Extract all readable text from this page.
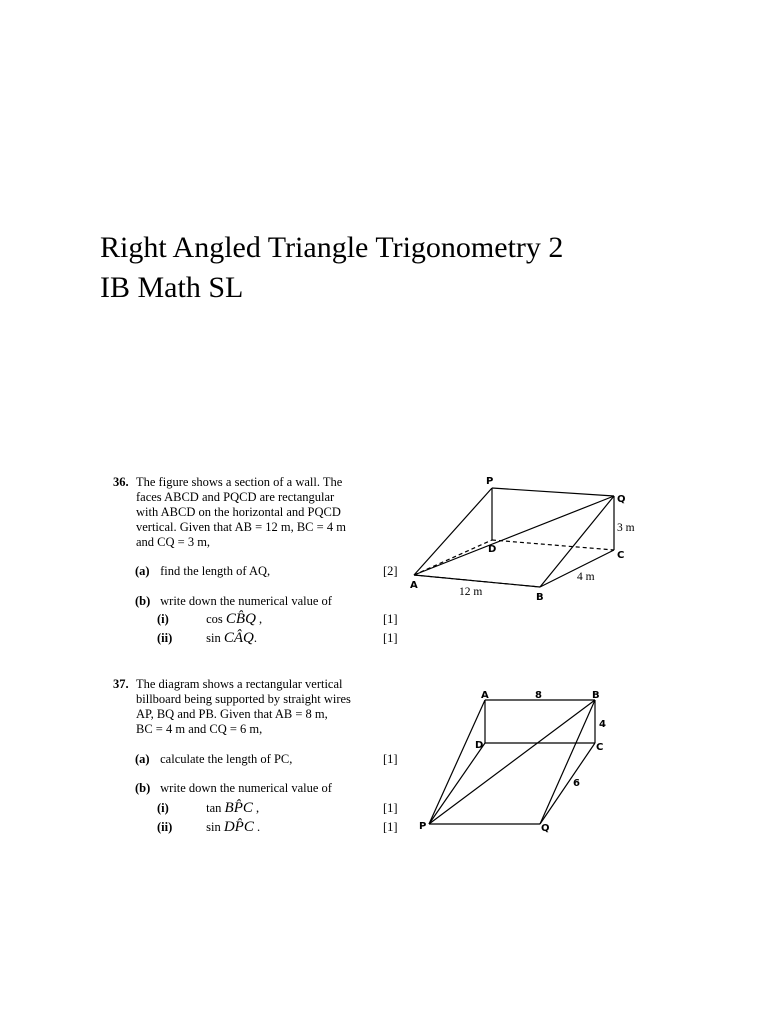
Right Angled Triangle Trigonometry 2
IB Math SL
36. The figure shows a section of a wall. The
faces ABCD and PQCD are rectangular
with ABCD on the horizontal and PQCD
vertical. Given that AB = 12 m, BC = 4 m
and CQ = 3 m,
(a) find the length of AQ,	[2]
(b) write down the numerical value of
(i)	cos CB̂Q ,	[1]
(ii)	sin CÂQ.	[1]
P
Q
D
C
A
B
12 m
4 m
3 m
37. The diagram shows a rectangular vertical
billboard being supported by straight wires
AP, BQ and PB. Given that AB = 8 m,
BC = 4 m and CQ = 6 m,
(a) calculate the length of PC,	[1]
(b) write down the numerical value of
(i)	tan BP̂C ,	[1]
(ii)	sin DP̂C .	[1]
A	B
D	C
P	Q
8
4
6
